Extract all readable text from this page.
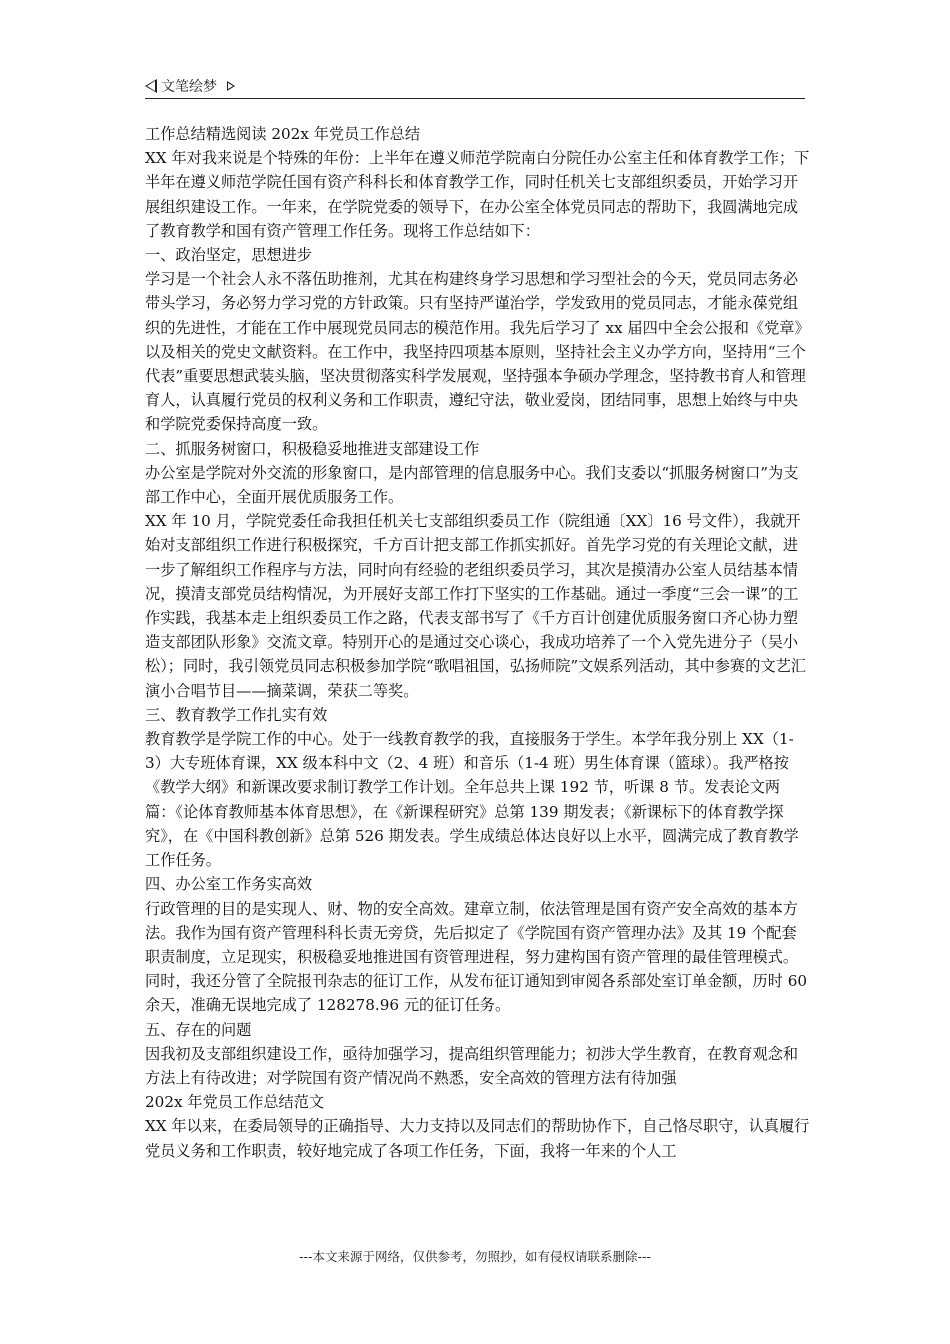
文笔绘梦

工作总结精选阅读 202x 年党员工作总结

XX 年对我来说是个特殊的年份：上半年在遵义师范学院南白分院任办公室主任和体育教学工作；下半年在遵义师范学院任国有资产科科长和体育教学工作，同时任机关七支部组织委员，开始学习开展组织建设工作。一年来，在学院党委的领导下，在办公室全体党员同志的帮助下，我圆满地完成了教育教学和国有资产管理工作任务。现将工作总结如下：

一、政治坚定，思想进步

学习是一个社会人永不落伍助推剂，尤其在构建终身学习思想和学习型社会的今天，党员同志务必带头学习，务必努力学习党的方针政策。只有坚持严谨治学，学发致用的党员同志，才能永葆党组织的先进性，才能在工作中展现党员同志的模范作用。我先后学习了 xx 届四中全会公报和《党章》以及相关的党史文献资料。在工作中，我坚持四项基本原则，坚持社会主义办学方向，坚持用“三个代表”重要思想武装头脑，坚决贯彻落实科学发展观，坚持强本争硕办学理念，坚持教书育人和管理育人，认真履行党员的权利义务和工作职责，遵纪守法，敬业爱岗，团结同事，思想上始终与中央和学院党委保持高度一致。

二、抓服务树窗口，积极稳妥地推进支部建设工作

办公室是学院对外交流的形象窗口，是内部管理的信息服务中心。我们支委以“抓服务树窗口”为支部工作中心，全面开展优质服务工作。

XX 年 10 月，学院党委任命我担任机关七支部组织委员工作（院组通〔XX〕16 号文件），我就开始对支部组织工作进行积极探究，千方百计把支部工作抓实抓好。首先学习党的有关理论文献，进一步了解组织工作程序与方法，同时向有经验的老组织委员学习，其次是摸清办公室人员结基本情况，摸清支部党员结构情况，为开展好支部工作打下坚实的工作基础。通过一季度“三会一课”的工作实践，我基本走上组织委员工作之路，代表支部书写了《千方百计创建优质服务窗口齐心协力塑造支部团队形象》交流文章。特别开心的是通过交心谈心，我成功培养了一个入党先进分子（吴小松）；同时，我引领党员同志积极参加学院“歌唱祖国，弘扬师院”文娱系列活动，其中参赛的文艺汇演小合唱节目——摘菜调，荣获二等奖。

三、教育教学工作扎实有效

教育教学是学院工作的中心。处于一线教育教学的我，直接服务于学生。本学年我分别上 XX（1-3）大专班体育课，XX 级本科中文（2、4 班）和音乐（1-4 班）男生体育课（篮球）。我严格按《教学大纲》和新课改要求制订教学工作计划。全年总共上课 192 节，听课 8 节。发表论文两篇：《论体育教师基本体育思想》，在《新课程研究》总第 139 期发表；《新课标下的体育教学探究》，在《中国科教创新》总第 526 期发表。学生成绩总体达良好以上水平，圆满完成了教育教学工作任务。

四、办公室工作务实高效

行政管理的目的是实现人、财、物的安全高效。建章立制，依法管理是国有资产安全高效的基本方法。我作为国有资产管理科科长责无旁贷，先后拟定了《学院国有资产管理办法》及其 19 个配套职责制度，立足现实，积极稳妥地推进国有资管理进程，努力建构国有资产管理的最佳管理模式。同时，我还分管了全院报刊杂志的征订工作，从发布征订通知到审阅各系部处室订单金额，历时 60 余天，准确无误地完成了 128278.96 元的征订任务。

五、存在的问题

因我初及支部组织建设工作，亟待加强学习，提高组织管理能力；初涉大学生教育，在教育观念和方法上有待改进；对学院国有资产情况尚不熟悉，安全高效的管理方法有待加强

202x 年党员工作总结范文

XX 年以来，在委局领导的正确指导、大力支持以及同志们的帮助协作下，自己恪尽职守，认真履行党员义务和工作职责，较好地完成了各项工作任务，下面，我将一年来的个人工

---本文来源于网络，仅供参考，勿照抄，如有侵权请联系删除---
